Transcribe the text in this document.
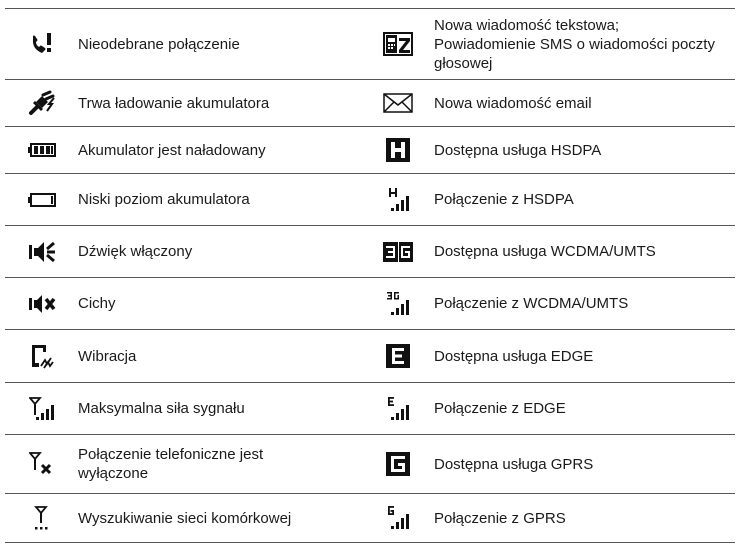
	Nieodebrane połączenie		Nowa wiadomość tekstowa;
Powiadomienie SMS o wiadomości poczty głosowej

	Trwa ładowanie akumulatora		Nowa wiadomość email

	Akumulator jest naładowany		Dostępna usługa HSDPA

	Niski poziom akumulatora		Połączenie z HSDPA

	Dźwięk włączony		Dostępna usługa WCDMA/UMTS

	Cichy		Połączenie z WCDMA/UMTS

	Wibracja		Dostępna usługa EDGE

	Maksymalna siła sygnału		Połączenie z EDGE

	Połączenie telefoniczne jest
wyłączone		Dostępna usługa GPRS

	Wyszukiwanie sieci komórkowej		Połączenie z GPRS
